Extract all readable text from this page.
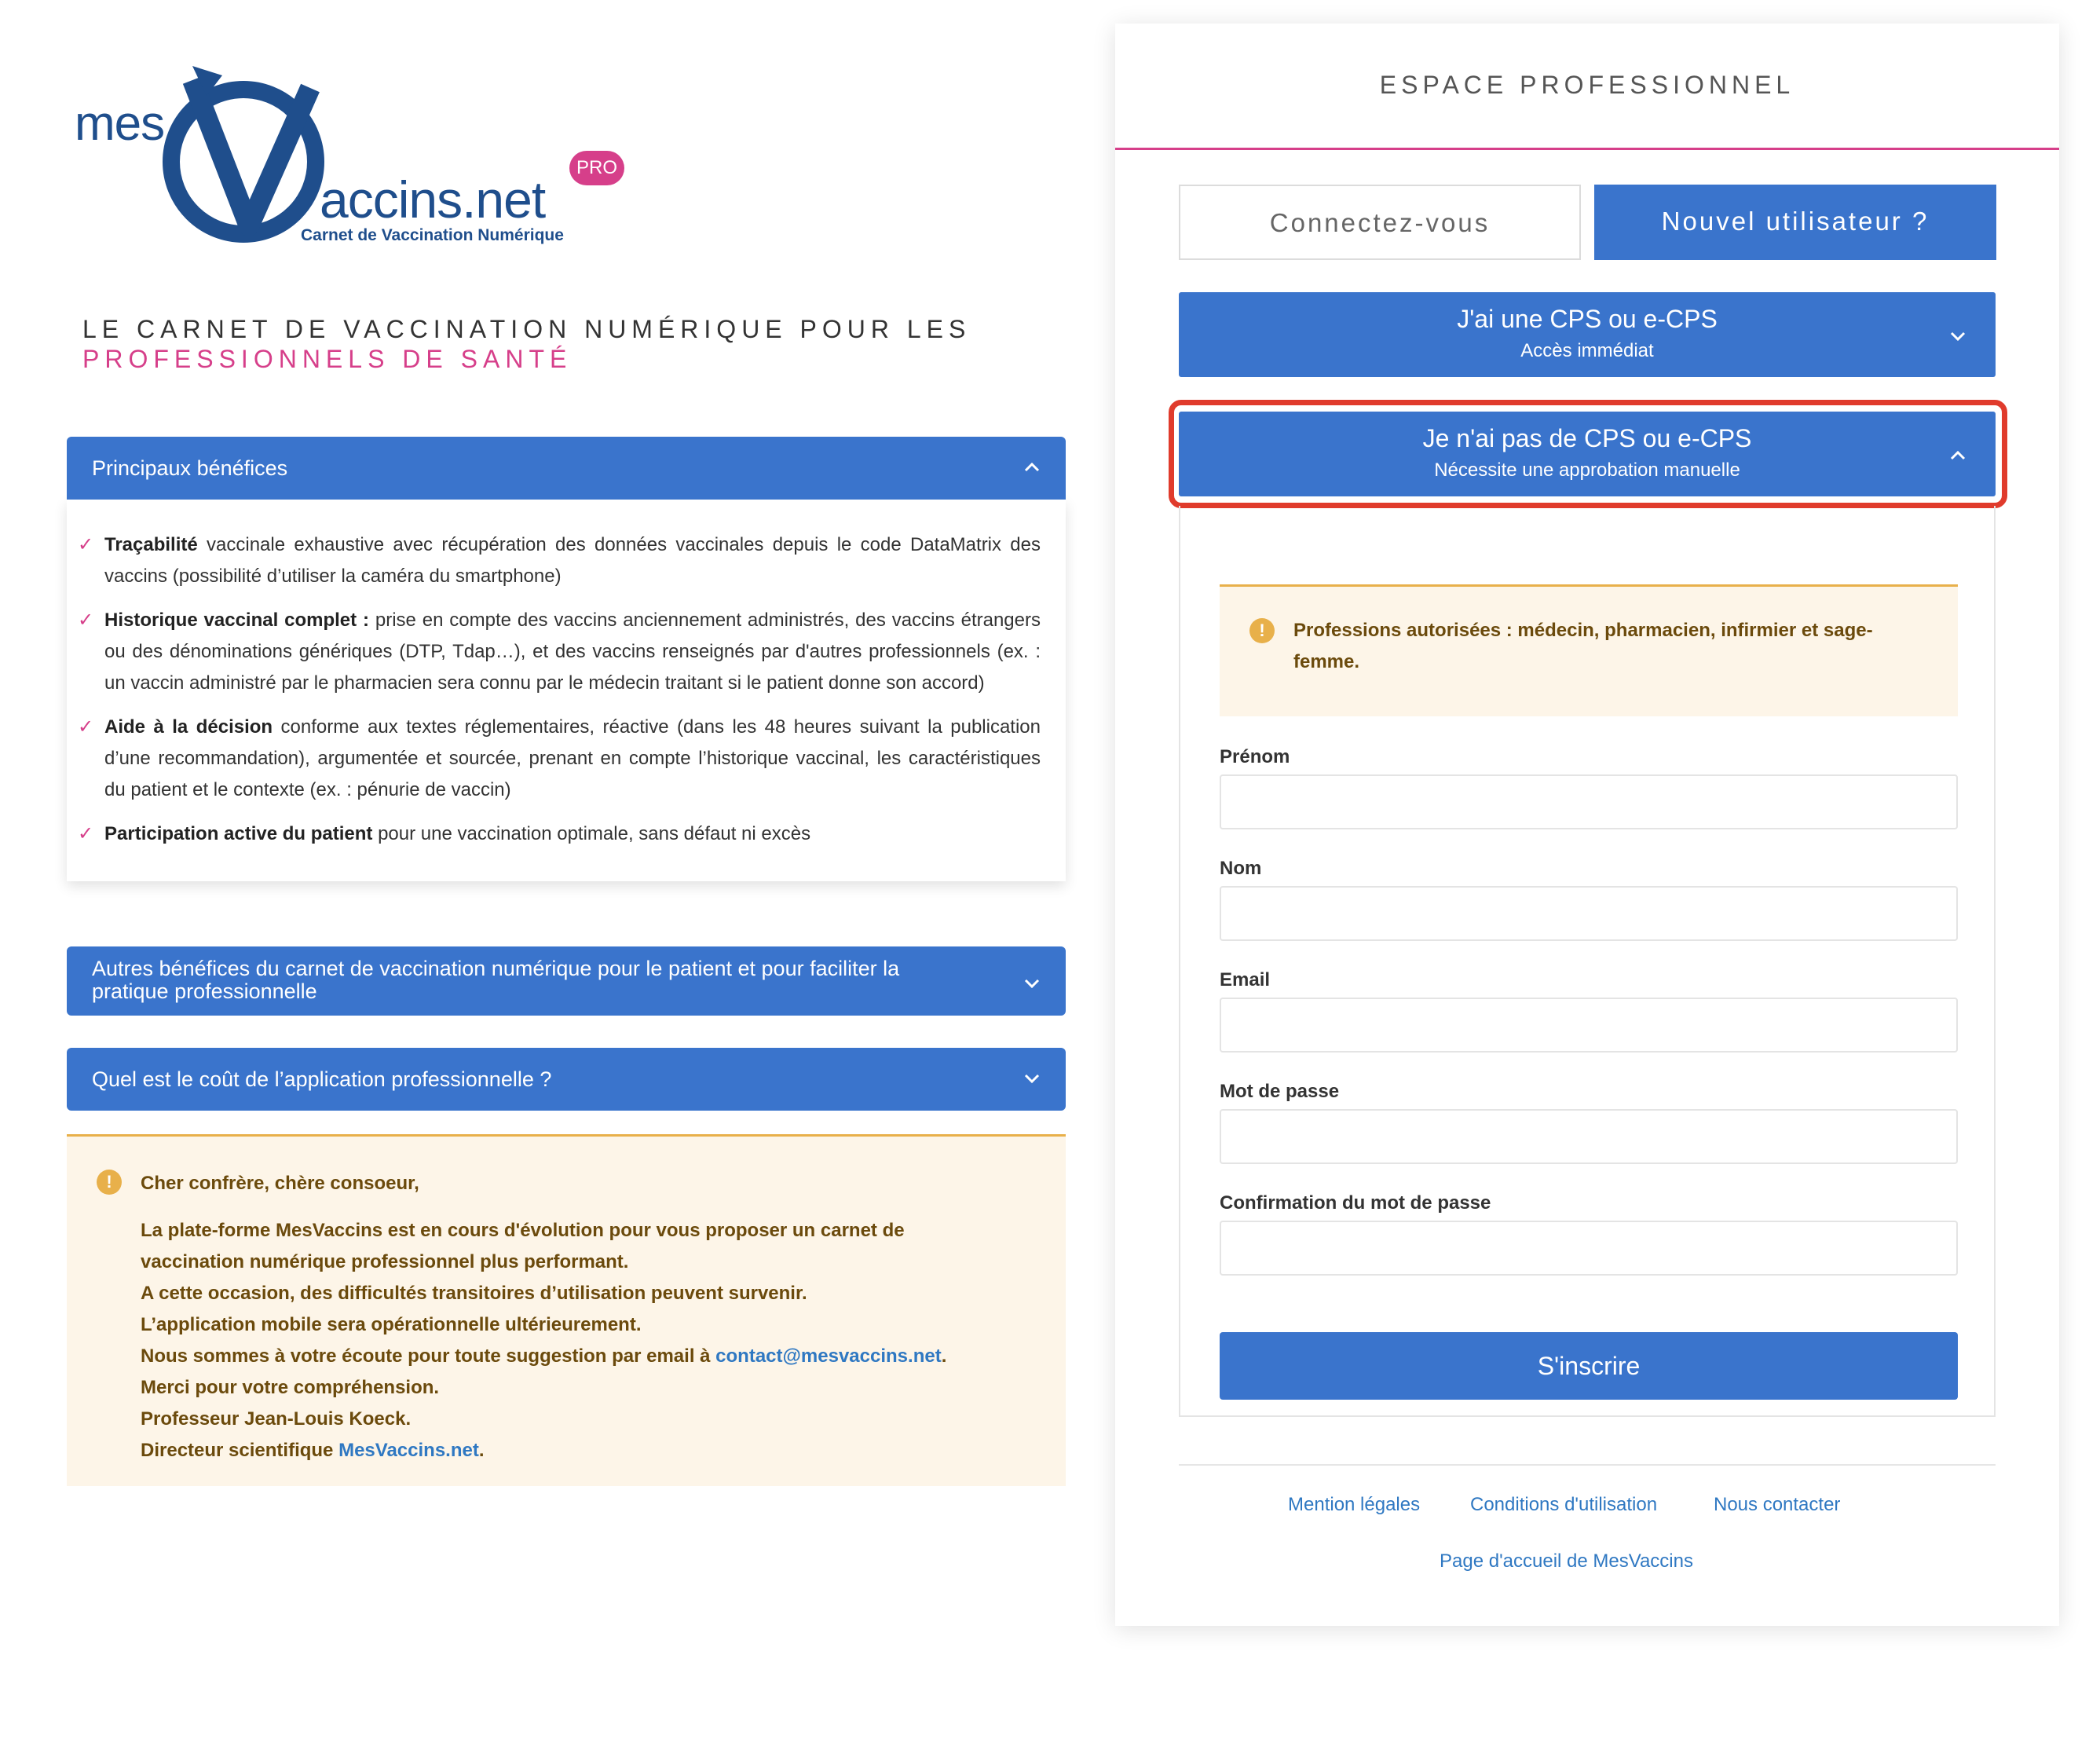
mes
accins.net
Carnet de Vaccination Numérique
PRO
LE CARNET DE VACCINATION NUMÉRIQUE POUR LES
PROFESSIONNELS DE SANTÉ
Principaux bénéfices
✓ Traçabilité vaccinale exhaustive avec récupération des données vaccinales depuis le code DataMatrix des vaccins (possibilité d’utiliser la caméra du smartphone)
✓ Historique vaccinal complet : prise en compte des vaccins anciennement administrés, des vaccins étrangers ou des dénominations génériques (DTP, Tdap…), et des vaccins renseignés par d'autres professionnels (ex. : un vaccin administré par le pharmacien sera connu par le médecin traitant si le patient donne son accord)
✓ Aide à la décision conforme aux textes réglementaires, réactive (dans les 48 heures suivant la publication d’une recommandation), argumentée et sourcée, prenant en compte l’historique vaccinal, les caractéristiques du patient et le contexte (ex. : pénurie de vaccin)
✓ Participation active du patient pour une vaccination optimale, sans défaut ni excès
Autres bénéfices du carnet de vaccination numérique pour le patient et pour faciliter la pratique professionnelle
Quel est le coût de l’application professionnelle ?
!	Cher confrère, chère consoeur,
La plate-forme MesVaccins est en cours d'évolution pour vous proposer un carnet de
vaccination numérique professionnel plus performant.
A cette occasion, des difficultés transitoires d’utilisation peuvent survenir.
L’application mobile sera opérationnelle ultérieurement.
Nous sommes à votre écoute pour toute suggestion par email à contact@mesvaccins.net.
Merci pour votre compréhension.
Professeur Jean-Louis Koeck.
Directeur scientifique MesVaccins.net.
ESPACE PROFESSIONNEL
Connectez-vous	Nouvel utilisateur ?
J'ai une CPS ou e-CPS
Accès immédiat
Je n'ai pas de CPS ou e-CPS
Nécessite une approbation manuelle
!	Professions autorisées : médecin, pharmacien, infirmier et sage-femme.
Prénom
Nom
Email
Mot de passe
Confirmation du mot de passe
S'inscrire
Mention légales	Conditions d'utilisation	Nous contacter
Page d'accueil de MesVaccins
